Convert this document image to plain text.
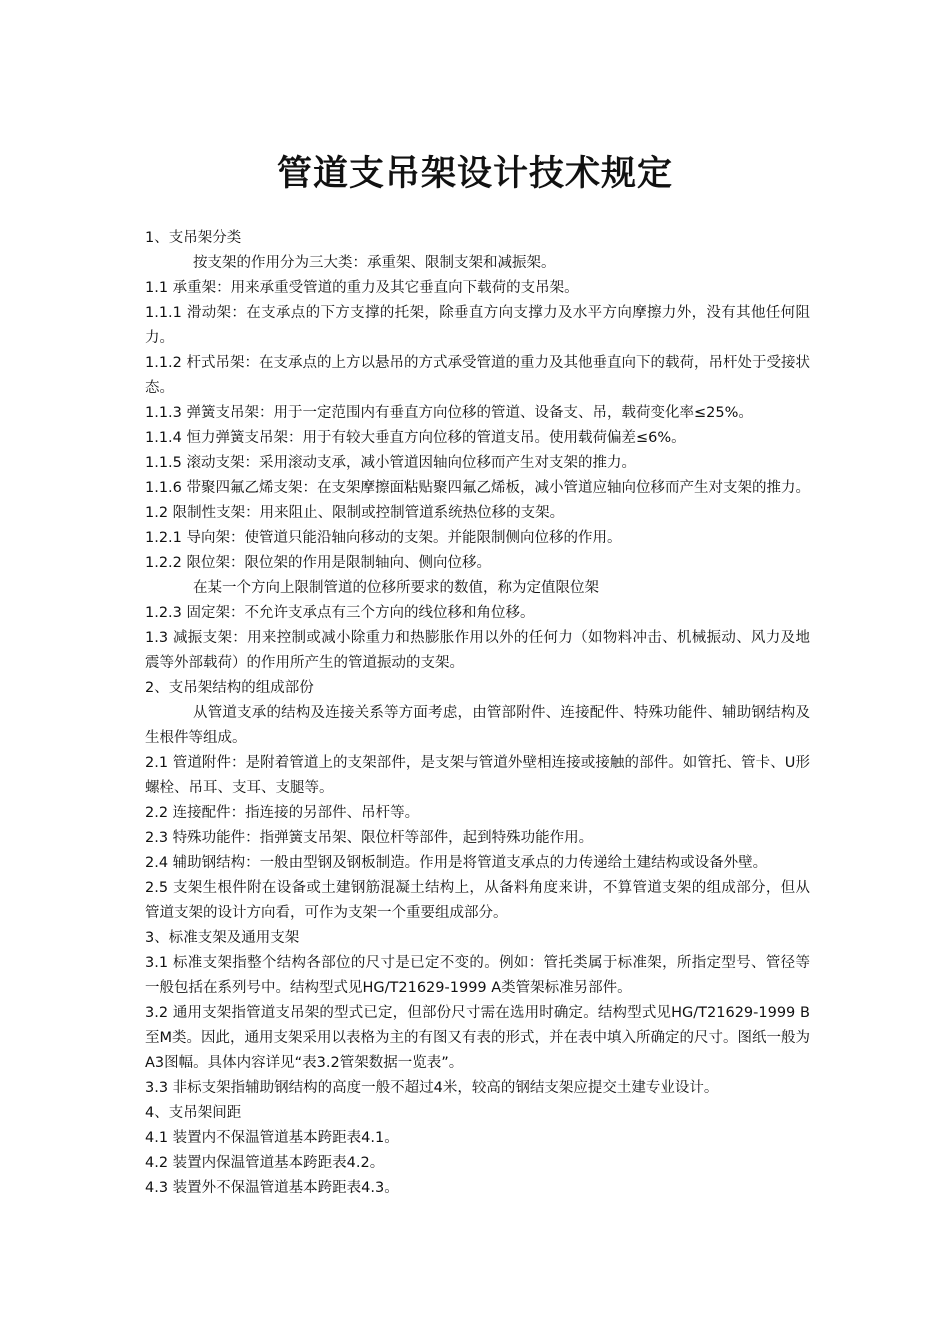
管道支吊架设计技术规定

1、支吊架分类

按支架的作用分为三大类：承重架、限制支架和减振架。

1.1 承重架：用来承重受管道的重力及其它垂直向下载荷的支吊架。

1.1.1 滑动架：在支承点的下方支撑的托架，除垂直方向支撑力及水平方向摩擦力外，没有其他任何阻力。

1.1.2 杆式吊架：在支承点的上方以悬吊的方式承受管道的重力及其他垂直向下的载荷，吊杆处于受接状态。

1.1.3 弹簧支吊架：用于一定范围内有垂直方向位移的管道、设备支、吊，载荷变化率≤25%。

1.1.4 恒力弹簧支吊架：用于有较大垂直方向位移的管道支吊。使用载荷偏差≤6%。

1.1.5 滚动支架：采用滚动支承，减小管道因轴向位移而产生对支架的推力。

1.1.6 带聚四氟乙烯支架：在支架摩擦面粘贴聚四氟乙烯板，减小管道应轴向位移而产生对支架的推力。

1.2 限制性支架：用来阻止、限制或控制管道系统热位移的支架。

1.2.1 导向架：使管道只能沿轴向移动的支架。并能限制侧向位移的作用。

1.2.2 限位架：限位架的作用是限制轴向、侧向位移。

在某一个方向上限制管道的位移所要求的数值，称为定值限位架

1.2.3 固定架：不允许支承点有三个方向的线位移和角位移。

1.3 减振支架：用来控制或减小除重力和热膨胀作用以外的任何力（如物料冲击、机械振动、风力及地震等外部载荷）的作用所产生的管道振动的支架。

2、支吊架结构的组成部份

从管道支承的结构及连接关系等方面考虑，由管部附件、连接配件、特殊功能件、辅助钢结构及生根件等组成。

2.1 管道附件：是附着管道上的支架部件，是支架与管道外壁相连接或接触的部件。如管托、管卡、U形螺栓、吊耳、支耳、支腿等。

2.2 连接配件：指连接的另部件、吊杆等。

2.3 特殊功能件：指弹簧支吊架、限位杆等部件，起到特殊功能作用。

2.4 辅助钢结构：一般由型钢及钢板制造。作用是将管道支承点的力传递给土建结构或设备外壁。

2.5 支架生根件附在设备或土建钢筋混凝土结构上，从备料角度来讲，不算管道支架的组成部分，但从管道支架的设计方向看，可作为支架一个重要组成部分。

3、标准支架及通用支架

3.1 标准支架指整个结构各部位的尺寸是已定不变的。例如：管托类属于标准架，所指定型号、管径等一般包括在系列号中。结构型式见HG/T21629-1999 A类管架标准另部件。

3.2 通用支架指管道支吊架的型式已定，但部份尺寸需在选用时确定。结构型式见HG/T21629-1999 B至M类。因此，通用支架采用以表格为主的有图又有表的形式，并在表中填入所确定的尺寸。图纸一般为A3图幅。具体内容详见“表3.2管架数据一览表”。

3.3 非标支架指辅助钢结构的高度一般不超过4米，较高的钢结支架应提交土建专业设计。

4、支吊架间距

4.1 装置内不保温管道基本跨距表4.1。

4.2 装置内保温管道基本跨距表4.2。

4.3 装置外不保温管道基本跨距表4.3。
